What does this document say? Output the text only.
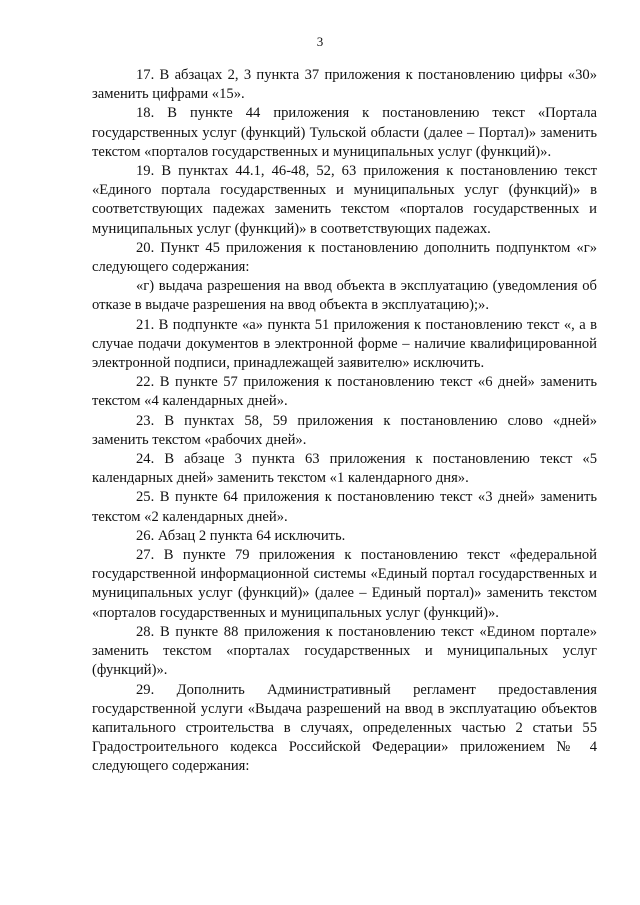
3

17. В абзацах 2, 3 пункта 37 приложения к постановлению цифры «30» заменить цифрами «15».

18. В пункте 44 приложения к постановлению текст «Портала государственных услуг (функций) Тульской области (далее – Портал)» заменить текстом «порталов государственных и муниципальных услуг (функций)».

19. В пунктах 44.1, 46-48, 52, 63 приложения к постановлению текст «Единого портала государственных и муниципальных услуг (функций)» в соответствующих падежах заменить текстом «порталов государственных и муниципальных услуг (функций)» в соответствующих падежах.

20. Пункт 45 приложения к постановлению дополнить подпунктом «г» следующего содержания:

«г) выдача разрешения на ввод объекта в эксплуатацию (уведомления об отказе в выдаче разрешения на ввод объекта в эксплуатацию);».

21. В подпункте «а» пункта 51 приложения к постановлению текст «, а в случае подачи документов в электронной форме – наличие квалифицированной электронной подписи, принадлежащей заявителю» исключить.

22. В пункте 57 приложения к постановлению текст «6 дней» заменить текстом «4 календарных дней».

23. В пунктах 58, 59 приложения к постановлению слово «дней» заменить текстом «рабочих дней».

24. В абзаце 3 пункта 63 приложения к постановлению текст «5 календарных дней» заменить текстом «1 календарного дня».

25. В пункте 64 приложения к постановлению текст «3 дней» заменить текстом «2 календарных дней».

26. Абзац 2 пункта 64 исключить.

27. В пункте 79 приложения к постановлению текст «федеральной государственной информационной системы «Единый портал государственных и муниципальных услуг (функций)» (далее – Единый портал)» заменить текстом «порталов государственных и муниципальных услуг (функций)».

28. В пункте 88 приложения к постановлению текст «Едином портале» заменить текстом «порталах государственных и муниципальных услуг (функций)».

29. Дополнить Административный регламент предоставления государственной услуги «Выдача разрешений на ввод в эксплуатацию объектов капитального строительства в случаях, определенных частью 2 статьи 55 Градостроительного кодекса Российской Федерации» приложением № 4 следующего содержания:
